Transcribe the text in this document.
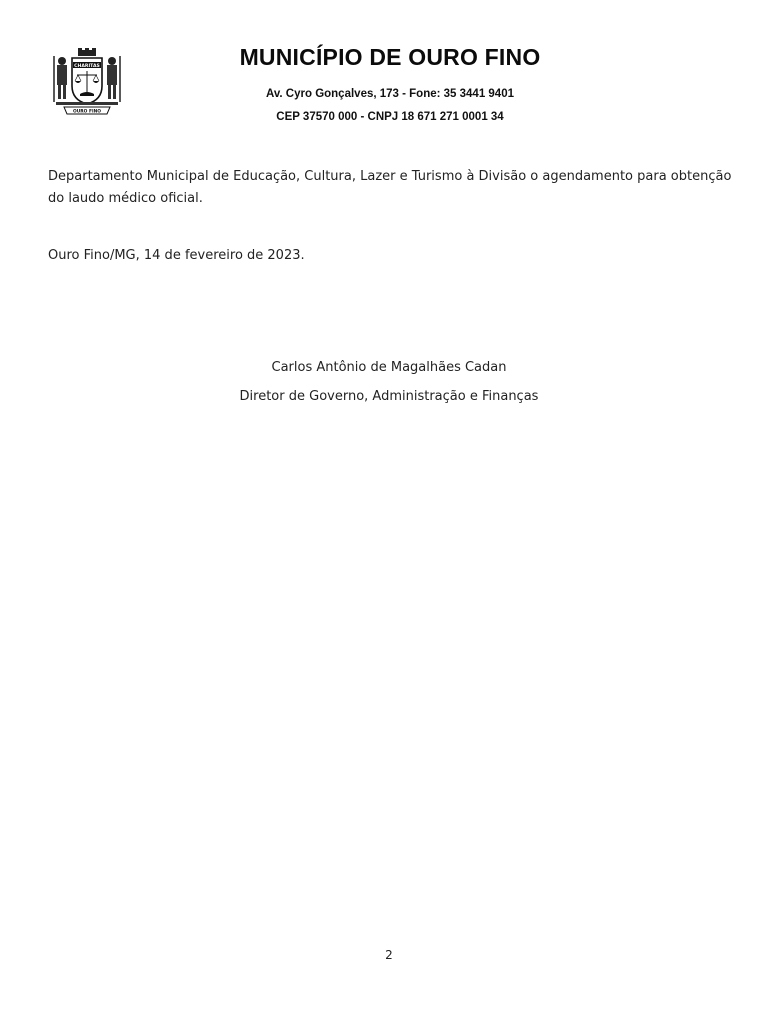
CHARITAS
OURO FINO
MUNICÍPIO DE OURO FINO
Av. Cyro Gonçalves, 173 - Fone: 35 3441 9401
CEP 37570 000 - CNPJ 18 671 271 0001 34
Departamento Municipal de Educação, Cultura, Lazer e Turismo à Divisão o agendamento para obtenção do laudo médico oficial.
Ouro Fino/MG, 14 de fevereiro de 2023.
Carlos Antônio de Magalhães Cadan
Diretor de Governo, Administração e Finanças
2
